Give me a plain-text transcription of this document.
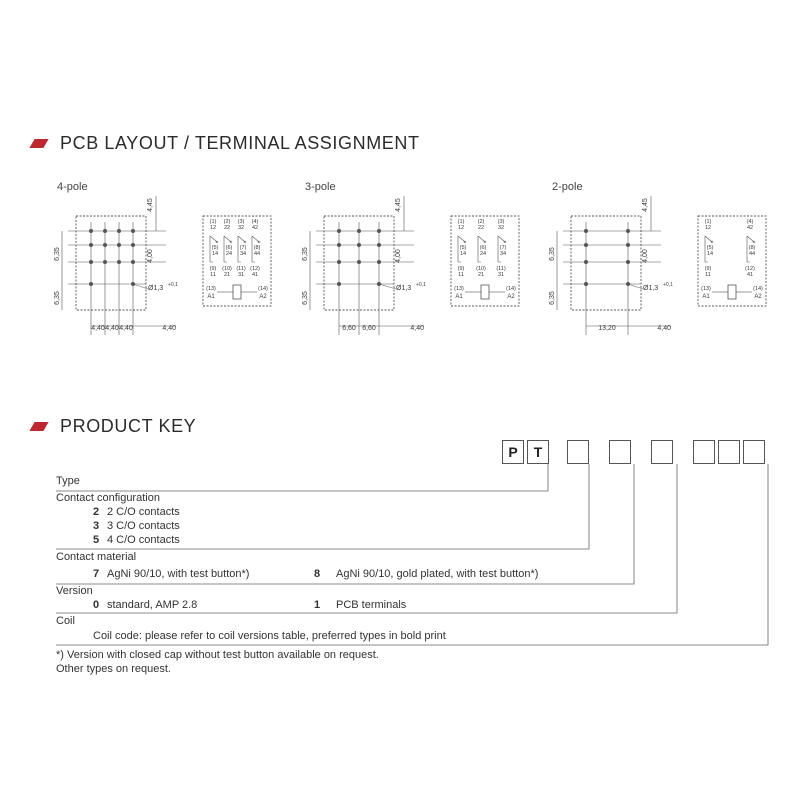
PCB LAYOUT / TERMINAL ASSIGNMENT
PRODUCT KEY
4-pole	3-pole	2-pole
4,45
4,00
6,35
6,35
Ø1,3 +0,1
4,40 4,40 4,40	4,40
4,45
4,00
6,35
6,35
Ø1,3 +0,1
6,60 6,60	4,40
4,45
4,00
6,35
6,35
Ø1,3 +0,1
13,20	4,40
(1)
12
(5)
14
(9)
11
(2)
22
(6)
24
(10)
21
(3)
32
(7)
34
(11)
31
(4)
42
(8)
44
(12)
41
(13)
A1
(14)
A2
(1)
12
(5)
14
(9)
11
(2)
22
(6)
24
(10)
21
(3)
32
(7)
34
(11)
31
(13)
A1
(14)
A2
(1)
12
(5)
14
(9)
11
(4)
42
(8)
44
(12)
41
(13)
A1
(14)
A2
P	T
Type
Contact configuration
2 2 C/O contacts
3 3 C/O contacts
5 4 C/O contacts
Contact material
7 AgNi 90/10, with test button*)	8 AgNi 90/10, gold plated, with test button*)
Version
0 standard, AMP 2.8	1 PCB terminals
Coil
Coil code: please refer to coil versions table, preferred types in bold print
*) Version with closed cap without test button available on request.
Other types on request.
